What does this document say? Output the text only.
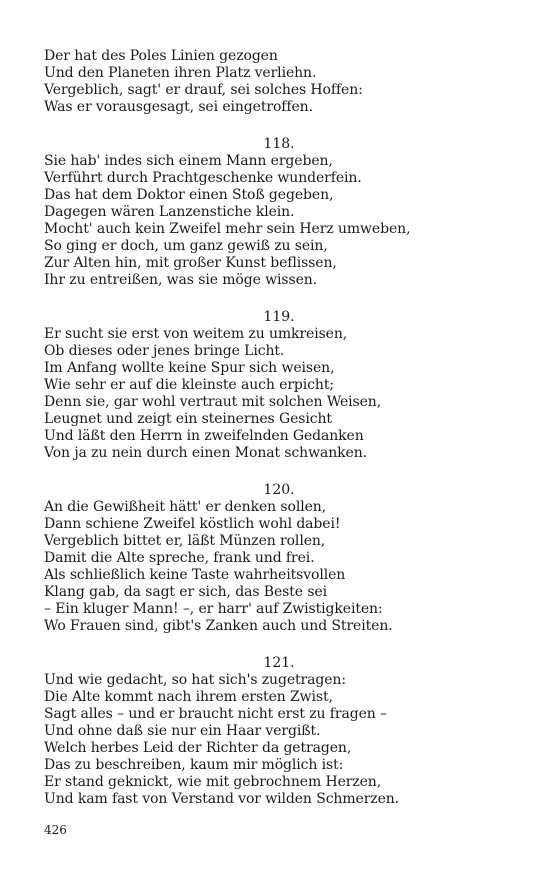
Der hat des Poles Linien gezogen
Und den Planeten ihren Platz verliehn.
Vergeblich, sagt' er drauf, sei solches Hoffen:
Was er vorausgesagt, sei eingetroffen.
118.
Sie hab' indes sich einem Mann ergeben,
Verführt durch Prachtgeschenke wunderfein.
Das hat dem Doktor einen Stoß gegeben,
Dagegen wären Lanzenstiche klein.
Mocht' auch kein Zweifel mehr sein Herz umweben,
So ging er doch, um ganz gewiß zu sein,
Zur Alten hin, mit großer Kunst beflissen,
Ihr zu entreißen, was sie möge wissen.
119.
Er sucht sie erst von weitem zu umkreisen,
Ob dieses oder jenes bringe Licht.
Im Anfang wollte keine Spur sich weisen,
Wie sehr er auf die kleinste auch erpicht;
Denn sie, gar wohl vertraut mit solchen Weisen,
Leugnet und zeigt ein steinernes Gesicht
Und läßt den Herrn in zweifelnden Gedanken
Von ja zu nein durch einen Monat schwanken.
120.
An die Gewißheit hätt' er denken sollen,
Dann schiene Zweifel köstlich wohl dabei!
Vergeblich bittet er, läßt Münzen rollen,
Damit die Alte spreche, frank und frei.
Als schließlich keine Taste wahrheitsvollen
Klang gab, da sagt er sich, das Beste sei
– Ein kluger Mann! –, er harr' auf Zwistigkeiten:
Wo Frauen sind, gibt's Zanken auch und Streiten.
121.
Und wie gedacht, so hat sich's zugetragen:
Die Alte kommt nach ihrem ersten Zwist,
Sagt alles – und er braucht nicht erst zu fragen –
Und ohne daß sie nur ein Haar vergißt.
Welch herbes Leid der Richter da getragen,
Das zu beschreiben, kaum mir möglich ist:
Er stand geknickt, wie mit gebrochnem Herzen,
Und kam fast von Verstand vor wilden Schmerzen.
426
